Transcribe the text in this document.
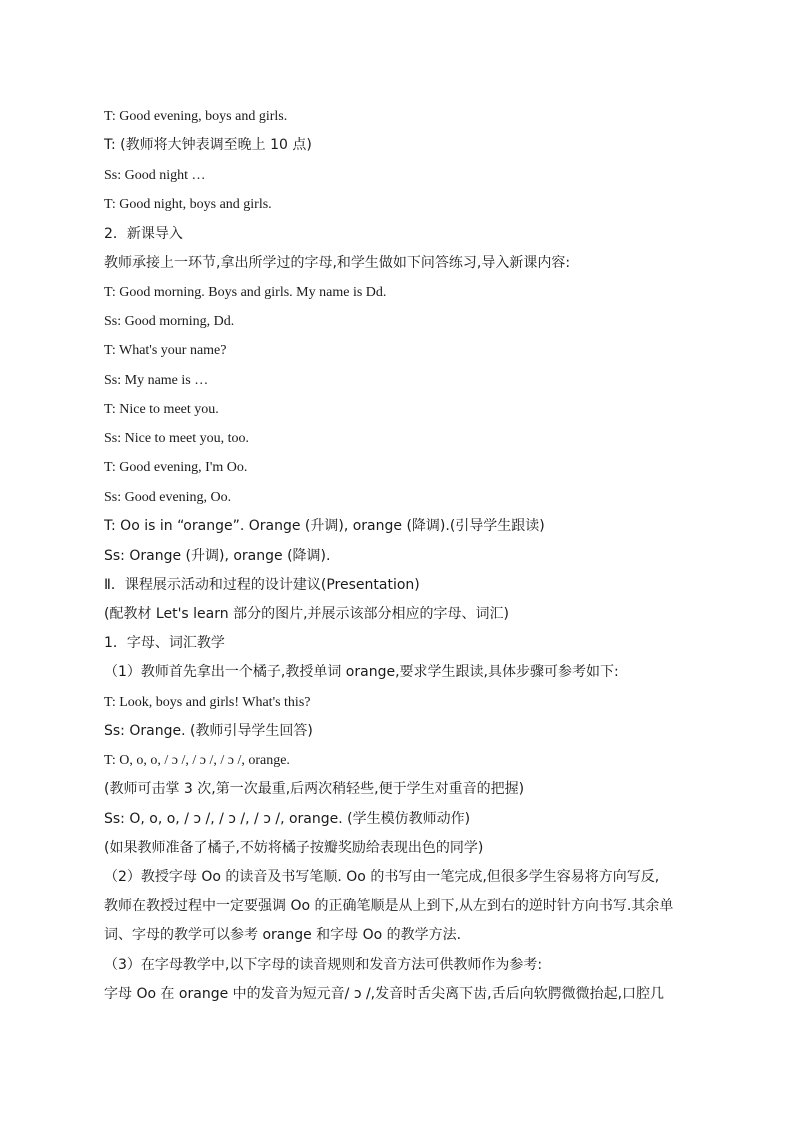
T: Good evening, boys and girls.
T: (教师将大钟表调至晚上 10 点)
Ss: Good night …
T: Good night, boys and girls.
2．新课导入
教师承接上一环节,拿出所学过的字母,和学生做如下问答练习,导入新课内容:
T: Good morning. Boys and girls. My name is Dd.
Ss: Good morning, Dd.
T: What's your name?
Ss: My name is …
T: Nice to meet you.
Ss: Nice to meet you, too.
T: Good evening, I'm Oo.
Ss: Good evening, Oo.
T: Oo is in “orange”. Orange (升调), orange (降调).(引导学生跟读)
Ss: Orange (升调), orange (降调).
Ⅱ．课程展示活动和过程的设计建议(Presentation)
(配教材 Let's learn 部分的图片,并展示该部分相应的字母、词汇)
1．字母、词汇教学
（1）教师首先拿出一个橘子,教授单词 orange,要求学生跟读,具体步骤可参考如下:
T: Look, boys and girls! What's this?
Ss: Orange. (教师引导学生回答)
T: O, o, o, / ɔ /, / ɔ /, / ɔ /, orange.
(教师可击掌 3 次,第一次最重,后两次稍轻些,便于学生对重音的把握)
Ss: O, o, o, / ɔ /, / ɔ /, / ɔ /, orange. (学生模仿教师动作)
(如果教师准备了橘子,不妨将橘子按瓣奖励给表现出色的同学)
（2）教授字母 Oo 的读音及书写笔顺. Oo 的书写由一笔完成,但很多学生容易将方向写反,
教师在教授过程中一定要强调 Oo 的正确笔顺是从上到下,从左到右的逆时针方向书写.其余单
词、字母的教学可以参考 orange 和字母 Oo 的教学方法.
（3）在字母教学中,以下字母的读音规则和发音方法可供教师作为参考:
字母 Oo 在 orange 中的发音为短元音/ ɔ /,发音时舌尖离下齿,舌后向软腭微微抬起,口腔几
